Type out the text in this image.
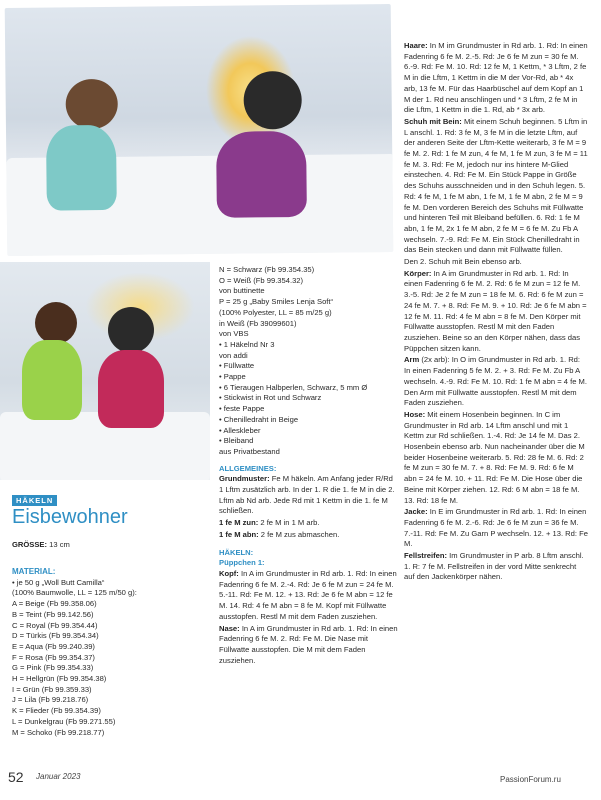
HÄKELN
Eisbewohner
GRÖSSE: 13 cm
MATERIAL:
• je 50 g „Woll Butt Camilla“
(100% Baumwolle, LL = 125 m/50 g):
A = Beige (Fb 99.358.06)
B = Teint (Fb 99.142.56)
C = Royal (Fb 99.354.44)
D = Türkis (Fb 99.354.34)
E = Aqua (Fb 99.240.39)
F = Rosa (Fb 99.354.37)
G = Pink (Fb 99.354.33)
H = Hellgrün (Fb 99.354.38)
I = Grün (Fb 99.359.33)
J = Lila (Fb 99.218.76)
K = Flieder (Fb 99.354.39)
L = Dunkelgrau (Fb 99.271.55)
M = Schoko (Fb 99.218.77)
N = Schwarz (Fb 99.354.35)
O = Weiß (Fb 99.354.32)
von buttinette
P = 25 g „Baby Smiles Lenja Soft“
(100% Polyester, LL = 85 m/25 g)
in Weiß (Fb 39099601)
von VBS
• 1 Häkelnd Nr 3
von addi
• Füllwatte
• Pappe
• 6 Tieraugen Halbperlen, Schwarz, 5 mm Ø
• Stickwist in Rot und Schwarz
• feste Pappe
• Chenilledraht in Beige
• Alleskleber
• Bleiband
aus Privatbestand
ALLGEMEINES:

Grundmuster: Fe M häkeln. Am Anfang jeder R/Rd 1 Lftm zusätzlich arb. In der 1. R die 1. fe M in die 2. Lftm ab Nd arb. Jede Rd mit 1 Kettm in die 1. fe M schließen.

1 fe M zun: 2 fe M in 1 M arb.

1 fe M abn: 2 fe M zus abmaschen.

HÄKELN:
Püppchen 1:

Kopf: In A im Grundmuster in Rd arb. 1. Rd: In einen Fadenring 6 fe M. 2.-4. Rd: Je 6 fe M zun = 24 fe M. 5.-11. Rd: Fe M. 12. + 13. Rd: Je 6 fe M abn = 12 fe M. 14. Rd: 4 fe M abn = 8 fe M. Kopf mit Füllwatte ausstopfen. Restl M mit dem Faden zusziehen.

Nase: In A im Grundmuster in Rd arb. 1. Rd: In einen Fadenring 6 fe M. 2. Rd: Fe M. Die Nase mit Füllwatte ausstopfen. Die M mit dem Faden zusziehen.

Haare: In M im Grundmuster in Rd arb. 1. Rd: In einen Fadenring 6 fe M. 2.-5. Rd: Je 6 fe M zun = 30 fe M. 6.-9. Rd: Fe M. 10. Rd: 12 fe M, 1 Kettm, * 3 Lftm, 2 fe M in die Lftm, 1 Kettm in die M der Vor-Rd, ab * 4x arb, 13 fe M. Für das Haarbüschel auf dem Kopf an 1 M der 1. Rd neu anschlingen und * 3 Lftm, 2 fe M in die Lftm, 1 Kettm in die 1. Rd, ab * 3x arb.

Schuh mit Bein: Mit einem Schuh beginnen. 5 Lftm in L anschl. 1. Rd: 3 fe M, 3 fe M in die letzte Lftm, auf der anderen Seite der Lftm-Kette weiterarb, 3 fe M = 9 fe M. 2. Rd: 1 fe M zun, 4 fe M, 1 fe M zun, 3 fe M = 11 fe M. 3. Rd: Fe M, jedoch nur ins hintere M-Glied einstechen. 4. Rd: Fe M. Ein Stück Pappe in Größe des Schuhs ausschneiden und in den Schuh legen. 5. Rd: 4 fe M, 1 fe M abn, 1 fe M, 1 fe M abn, 2 fe M = 9 fe M. Den vorderen Bereich des Schuhs mit Füllwatte und hinteren Teil mit Bleiband befüllen. 6. Rd: 1 fe M abn, 1 fe M, 2x 1 fe M abn, 2 fe M = 6 fe M. Zu Fb A wechseln. 7.-9. Rd: Fe M. Ein Stück Chenilledraht in das Bein stecken und dann mit Füllwatte füllen.

Den 2. Schuh mit Bein ebenso arb.

Körper: In A im Grundmuster in Rd arb. 1. Rd: In einen Fadenring 6 fe M. 2. Rd: 6 fe M zun = 12 fe M. 3.-5. Rd: Je 2 fe M zun = 18 fe M. 6. Rd: 6 fe M zun = 24 fe M. 7. + 8. Rd: Fe M. 9. + 10. Rd: Je 6 fe M abn = 12 fe M. 11. Rd: 4 fe M abn = 8 fe M. Den Körper mit Füllwatte ausstopfen. Restl M mit den Faden zusziehen. Beine so an den Körper nähen, dass das Püppchen sitzen kann.

Arm (2x arb): In O im Grundmuster in Rd arb. 1. Rd: In einen Fadenring 5 fe M. 2. + 3. Rd: Fe M. Zu Fb A wechseln. 4.-9. Rd: Fe M. 10. Rd: 1 fe M abn = 4 fe M. Den Arm mit Füllwatte ausstopfen. Restl M mit dem Faden zusziehen.

Hose: Mit einem Hosenbein beginnen. In C im Grundmuster in Rd arb. 14 Lftm anschl und mit 1 Kettm zur Rd schließen. 1.-4. Rd: Je 14 fe M. Das 2. Hosenbein ebenso arb. Nun nacheinander über die M beider Hosenbeine weiterarb. 5. Rd: 28 fe M. 6. Rd: 2 fe M zun = 30 fe M. 7. + 8. Rd: Fe M. 9. Rd: 6 fe M abn = 24 fe M. 10. + 11. Rd: Fe M. Die Hose über die Beine mit Körper ziehen. 12. Rd: 6 M abn = 18 fe M. 13. Rd: 18 fe M.

Jacke: In E im Grundmuster in Rd arb. 1. Rd: In einen Fadenring 6 fe M. 2.-6. Rd: Je 6 fe M zun = 36 fe M. 7.-11. Rd: Fe M. Zu Garn P wechseln. 12. + 13. Rd: Fe M.

Fellstreifen: Im Grundmuster in P arb. 8 Lftm anschl. 1. R: 7 fe M. Fellstreifen in der vord Mitte senkrecht auf den Jackenkörper nähen.

52 Januar 2023	PassionForum.ru
